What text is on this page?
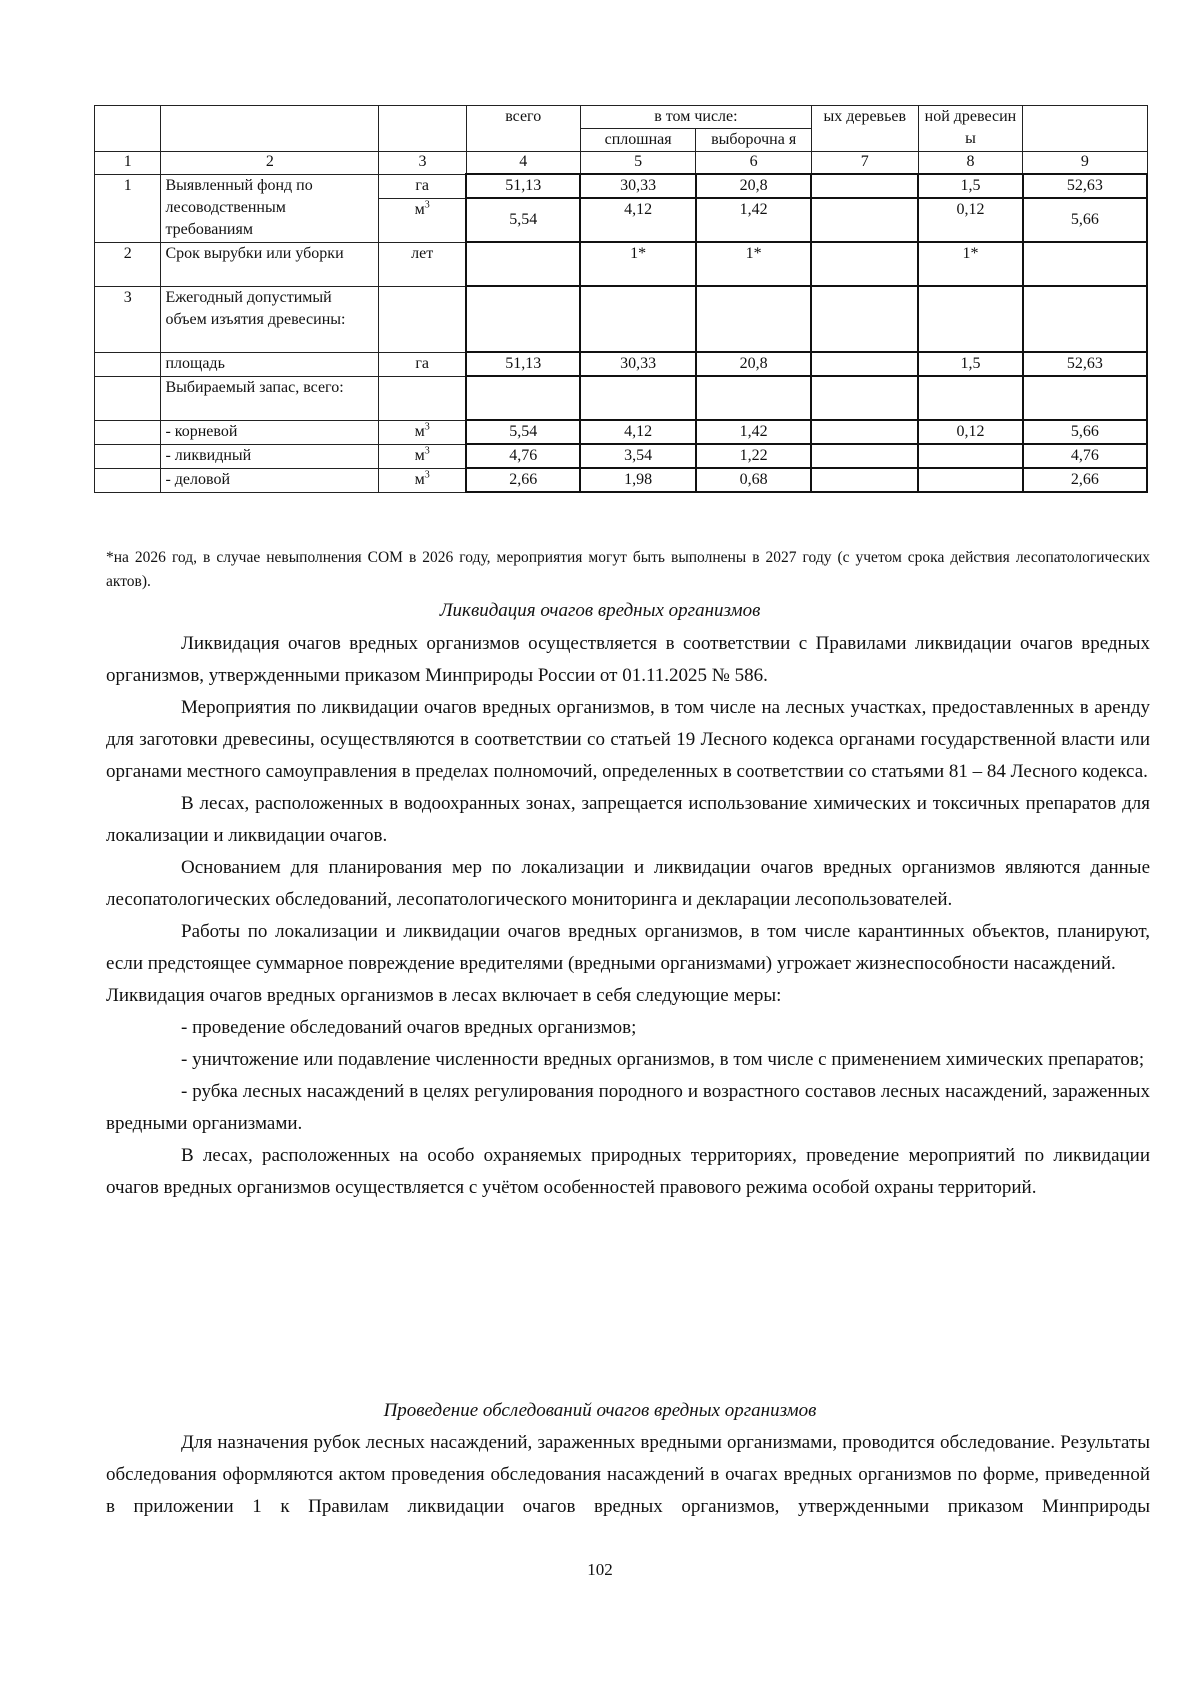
			всего	в том числе:		ых деревьев	ной древесин ы	
				сплошная	выборочна я			
1	2	3	4	5	6	7	8	9
1	Выявленный фонд по лесоводственным требованиям	га	51,13	30,33	20,8		1,5	52,63
		$м^3$	5,54	4,12	1,42		0,12	5,66
2	Срок вырубки или уборки	лет		1*	1*		1*	
3	Ежегодный допустимый объем изъятия древесины:							
	площадь	га	51,13	30,33	20,8		1,5	52,63
	Выбираемый запас, всего:							
	- корневой	$м^3$	5,54	4,12	1,42		0,12	5,66
	- ликвидный	$м^3$	4,76	3,54	1,22			4,76
	- деловой	$м^3$	2,66	1,98	0,68			2,66
*на 2026 год, в случае невыполнения СОМ в 2026 году, мероприятия могут быть выполнены в 2027 году (с учетом срока действия лесопатологических актов).
Ликвидация очагов вредных организмов

Ликвидация очагов вредных организмов осуществляется в соответствии с Правилами ликвидации очагов вредных организмов, утвержденными приказом Минприроды России от 01.11.2025 № 586.

Мероприятия по ликвидации очагов вредных организмов, в том числе на лесных участках, предоставленных в аренду для заготовки древесины, осуществляются в соответствии со статьей 19 Лесного кодекса органами государственной власти или органами местного самоуправления в пределах полномочий, определенных в соответствии со статьями 81 – 84 Лесного кодекса.

В лесах, расположенных в водоохранных зонах, запрещается использование химических и токсичных препаратов для локализации и ликвидации очагов.

Основанием для планирования мер по локализации и ликвидации очагов вредных организмов являются данные лесопатологических обследований, лесопатологического мониторинга и декларации лесопользователей.

Работы по локализации и ликвидации очагов вредных организмов, в том числе карантинных объектов, планируют, если предстоящее суммарное повреждение вредителями (вредными организмами) угрожает жизнеспособности насаждений.

Ликвидация очагов вредных организмов в лесах включает в себя следующие меры:

- проведение обследований очагов вредных организмов;

- уничтожение или подавление численности вредных организмов, в том числе с применением химических препаратов;

- рубка лесных насаждений в целях регулирования породного и возрастного составов лесных насаждений, зараженных вредными организмами.

В лесах, расположенных на особо охраняемых природных территориях, проведение мероприятий по ликвидации очагов вредных организмов осуществляется с учётом особенностей правового режима особой охраны территорий.

Проведение обследований очагов вредных организмов

Для назначения рубок лесных насаждений, зараженных вредными организмами, проводится обследование. Результаты обследования оформляются актом проведения обследования насаждений в очагах вредных организмов по форме, приведенной в приложении 1 к Правилам ликвидации очагов вредных организмов, утвержденными приказом Минприроды

102
